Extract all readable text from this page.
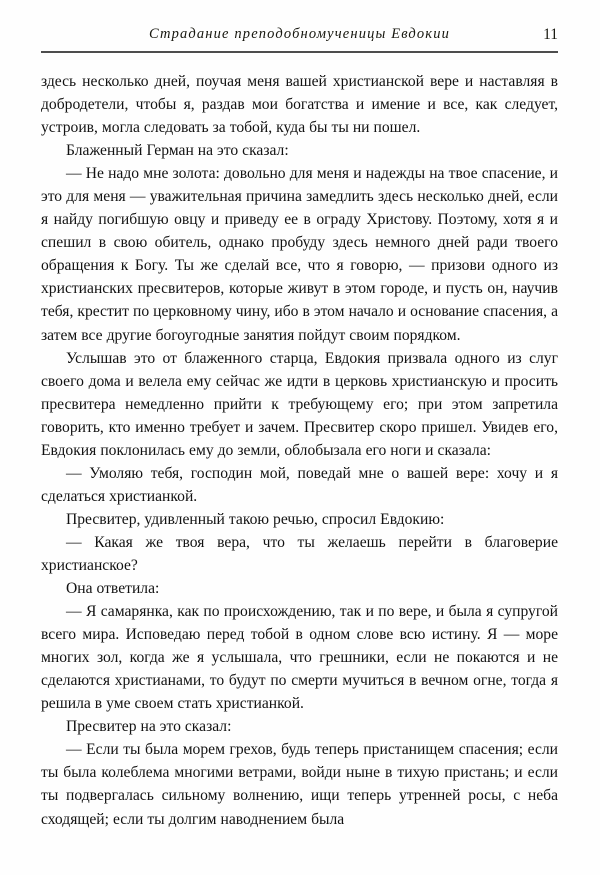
Страдание преподобномученицы Евдокии	11

здесь несколько дней, поучая меня вашей христианской вере и наставляя в добродетели, чтобы я, раздав мои богатства и имение и все, как следует, устроив, могла следовать за тобой, куда бы ты ни пошел.

Блаженный Герман на это сказал:

— Не надо мне золота: довольно для меня и надежды на твое спасение, и это для меня — уважительная причина замедлить здесь несколько дней, если я найду погибшую овцу и приведу ее в ограду Христову. Поэтому, хотя я и спешил в свою обитель, однако пробуду здесь немного дней ради твоего обращения к Богу. Ты же сделай все, что я говорю, — призови одного из христианских пресвитеров, которые живут в этом городе, и пусть он, научив тебя, крестит по церковному чину, ибо в этом начало и основание спасения, а затем все другие богоугодные занятия пойдут своим порядком.

Услышав это от блаженного старца, Евдокия призвала одного из слуг своего дома и велела ему сейчас же идти в церковь христианскую и просить пресвитера немедленно прийти к требующему его; при этом запретила говорить, кто именно требует и зачем. Пресвитер скоро пришел. Увидев его, Евдокия поклонилась ему до земли, облобызала его ноги и сказала:

— Умоляю тебя, господин мой, поведай мне о вашей вере: хочу и я сделаться христианкой.

Пресвитер, удивленный такою речью, спросил Евдокию:

— Какая же твоя вера, что ты желаешь перейти в благоверие христианское?

Она ответила:

— Я самарянка, как по происхождению, так и по вере, и была я супругой всего мира. Исповедаю перед тобой в одном слове всю истину. Я — море многих зол, когда же я услышала, что грешники, если не покаются и не сделаются христианами, то будут по смерти мучиться в вечном огне, тогда я решила в уме своем стать христианкой.

Пресвитер на это сказал:

— Если ты была морем грехов, будь теперь пристанищем спасения; если ты была колеблема многими ветрами, войди ныне в тихую пристань; и если ты подвергалась сильному волнению, ищи теперь утренней росы, с неба сходящей; если ты долгим наводнением была
